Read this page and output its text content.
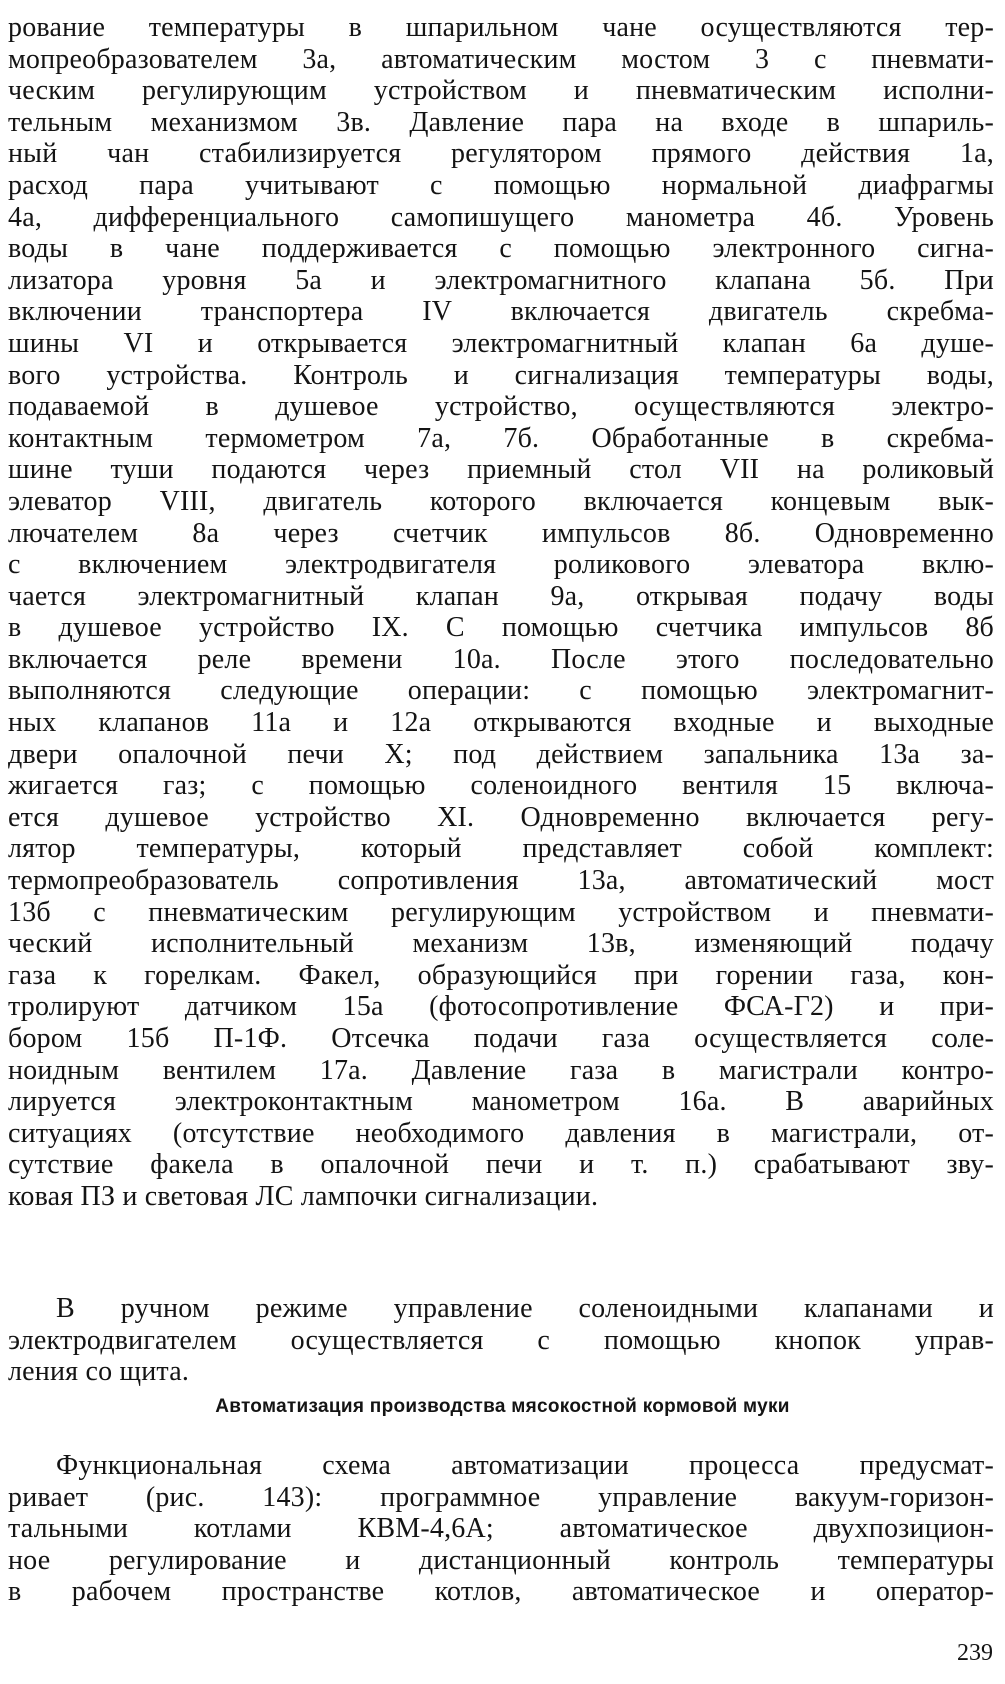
рование температуры в шпарильном чане осуществляются тер-
мопреобразователем 3а, автоматическим мостом 3 с пневмати-
ческим регулирующим устройством и пневматическим исполни-
тельным механизмом 3в. Давление пара на входе в шпариль-
ный чан стабилизируется регулятором прямого действия 1а,
расход пара учитывают с помощью нормальной диафрагмы
4а, дифференциального самопишущего манометра 4б. Уровень
воды в чане поддерживается с помощью электронного сигна-
лизатора уровня 5а и электромагнитного клапана 5б. При
включении транспортера IV включается двигатель скребма-
шины VI и открывается электромагнитный клапан 6а душе-
вого устройства. Контроль и сигнализация температуры воды,
подаваемой в душевое устройство, осуществляются электро-
контактным термометром 7а, 7б. Обработанные в скребма-
шине туши подаются через приемный стол VII на роликовый
элеватор VIII, двигатель которого включается концевым вык-
лючателем 8а через счетчик импульсов 8б. Одновременно
с включением электродвигателя роликового элеватора вклю-
чается электромагнитный клапан 9а, открывая подачу воды
в душевое устройство IX. С помощью счетчика импульсов 8б
включается реле времени 10а. После этого последовательно
выполняются следующие операции: с помощью электромагнит-
ных клапанов 11а и 12а открываются входные и выходные
двери опалочной печи X; под действием запальника 13а за-
жигается газ; с помощью соленоидного вентиля 15 включа-
ется душевое устройство XI. Одновременно включается регу-
лятор температуры, который представляет собой комплект:
термопреобразователь сопротивления 13а, автоматический мост
13б с пневматическим регулирующим устройством и пневмати-
ческий исполнительный механизм 13в, изменяющий подачу
газа к горелкам. Факел, образующийся при горении газа, кон-
тролируют датчиком 15а (фотосопротивление ФСА-Г2) и при-
бором 15б П-1Ф. Отсечка подачи газа осуществляется соле-
ноидным вентилем 17а. Давление газа в магистрали контро-
лируется электроконтактным манометром 16а. В аварийных
ситуациях (отсутствие необходимого давления в магистрали, от-
сутствие факела в опалочной печи и т. п.) срабатывают зву-
ковая ПЗ и световая ЛС лампочки сигнализации.
В ручном режиме управление соленоидными клапанами и
электродвигателем осуществляется с помощью кнопок управ-
ления со щита.
Автоматизация производства мясокостной кормовой муки
Функциональная схема автоматизации процесса предусмат-
ривает (рис. 143): программное управление вакуум-горизон-
тальными котлами КВМ-4,6А; автоматическое двухпозицион-
ное регулирование и дистанционный контроль температуры
в рабочем пространстве котлов, автоматическое и оператор-
239
